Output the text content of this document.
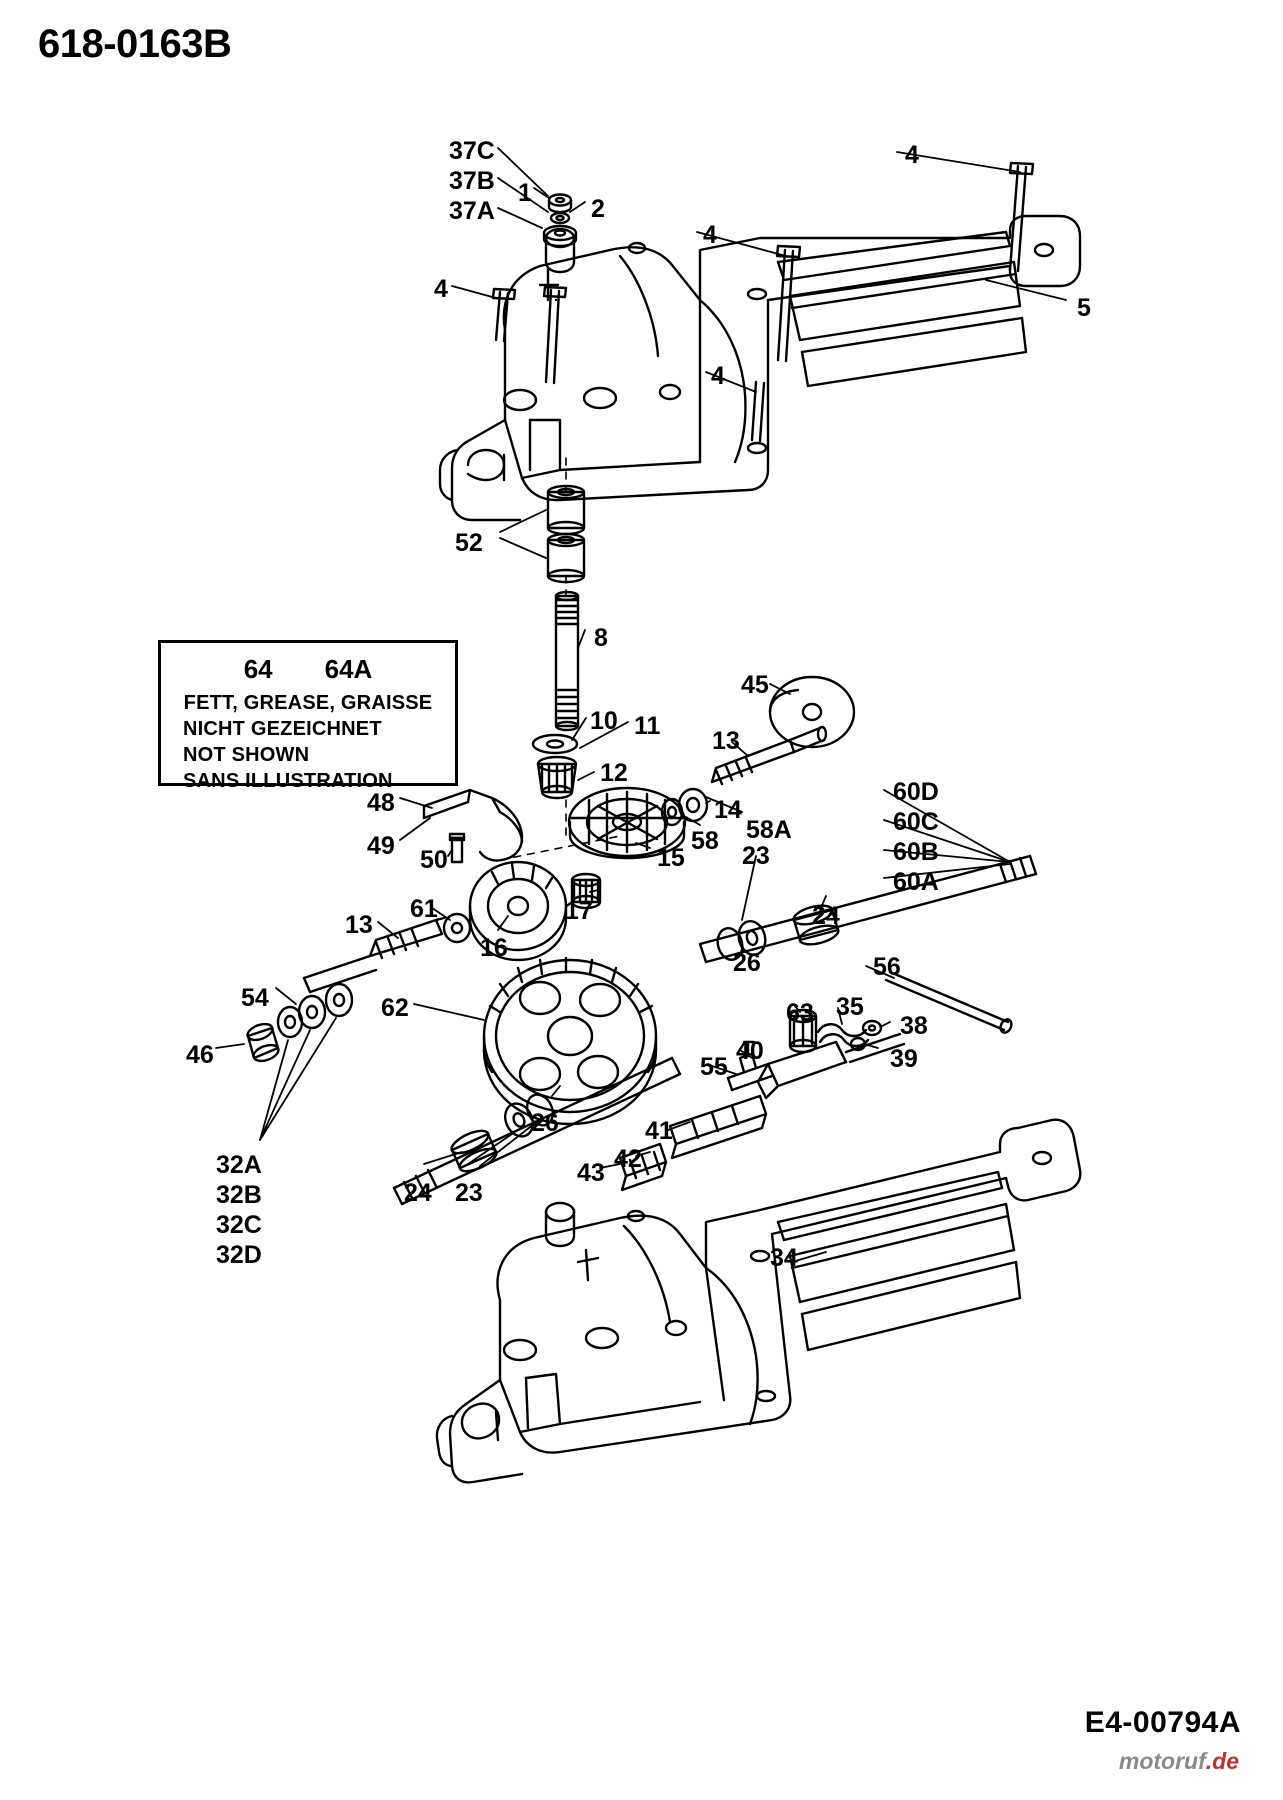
618-0163B
64 64A
FETT, GREASE, GRAISSE
NICHT GEZEICHNET
NOT SHOWN
SANS ILLUSTRATION
37C
37B
37A
1
2
4
4
4
4
5
52
8
45
10 11
13
12
14
48
49 50
58 58A
15
60D
60C
60B
60A
23
24
17
61
16
13
26	56
62
54
63 35
38
39
46	40
55
41
42
43
26
32A
32B
32C
32D
24 23
34
E4-00794A
motoruf.de
